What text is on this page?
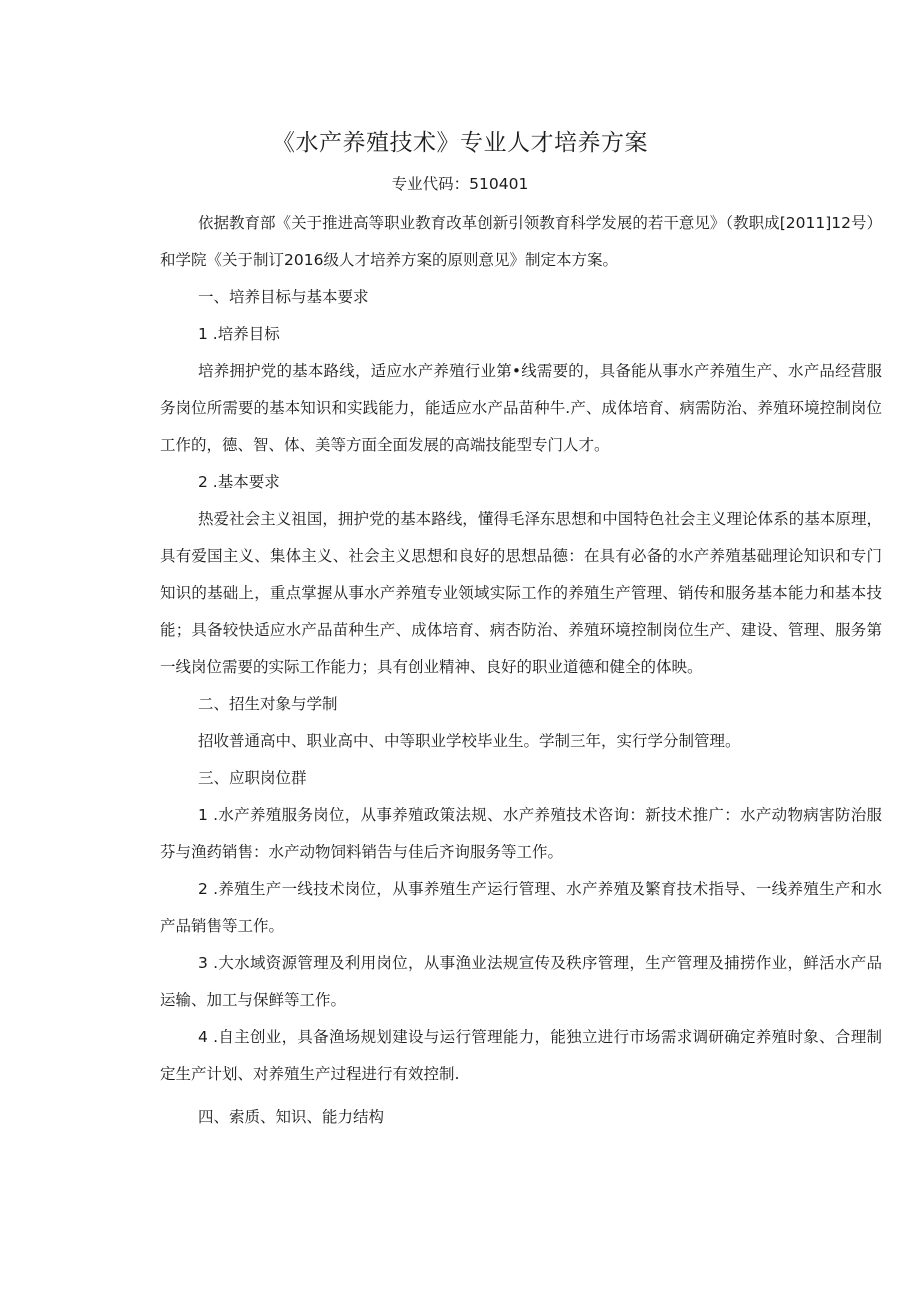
《水产养殖技术》专业人才培养方案

专业代码：510401

依据教育部《关于推进高等职业教育改革创新引领教育科学发展的若干意见》（教职成[2011]12号）和学院《关于制订2016级人才培养方案的原则意见》制定本方案。

一、培养目标与基本要求

1 .培养目标

培养拥护党的基本路线，适应水产养殖行业第•线需要的，具备能从事水产养殖生产、水产品经营服务岗位所需要的基本知识和实践能力，能适应水产品苗种牛.产、成体培育、病需防治、养殖环境控制岗位工作的，德、智、体、美等方面全面发展的高端技能型专门人才。

2 .基本要求

热爱社会主义祖国，拥护党的基本路线，懂得毛泽东思想和中国特色社会主义理论体系的基本原理，具有爱国主义、集体主义、社会主义思想和良好的思想品德：在具有必备的水产养殖基础理论知识和专门知识的基础上，重点掌握从事水产养殖专业领域实际工作的养殖生产管理、销传和服务基本能力和基本技能；具备较快适应水产品苗种生产、成体培育、病杏防治、养殖环境控制岗位生产、建设、管理、服务第一线岗位需要的实际工作能力；具有创业精神、良好的职业道德和健全的体映。

二、招生对象与学制

招收普通高中、职业高中、中等职业学校毕业生。学制三年，实行学分制管理。

三、应职岗位群

1 .水产养殖服务岗位，从事养殖政策法规、水产养殖技术咨询：新技术推广：水产动物病害防治服芬与渔药销售：水产动物饲料销告与佳后齐询服务等工作。

2 .养殖生产一线技术岗位，从事养殖生产运行管理、水产养殖及繁育技术指导、一线养殖生产和水产品销售等工作。

3 .大水域资源管理及利用岗位，从事渔业法规宣传及秩序管理，生产管理及捕捞作业，鲜活水产品运输、加工与保鲜等工作。

4 .自主创业，具备渔场规划建设与运行管理能力，能独立进行市场需求调研确定养殖时象、合理制定生产计划、对养殖生产过程进行有效控制.

四、索质、知识、能力结构
